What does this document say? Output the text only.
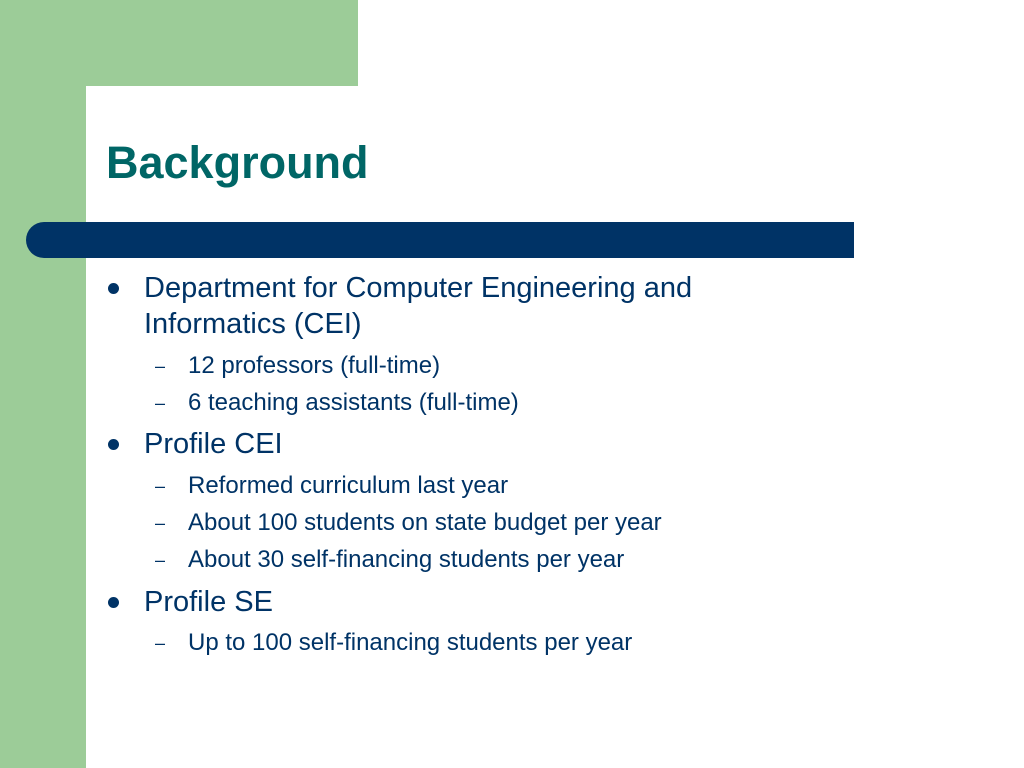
Background
Department for Computer Engineering and Informatics (CEI)
– 12 professors (full-time)
– 6 teaching assistants (full-time)
Profile CEI
– Reformed curriculum last year
– About 100 students on state budget per year
– About 30 self-financing students per year
Profile SE
– Up to 100 self-financing students per year
